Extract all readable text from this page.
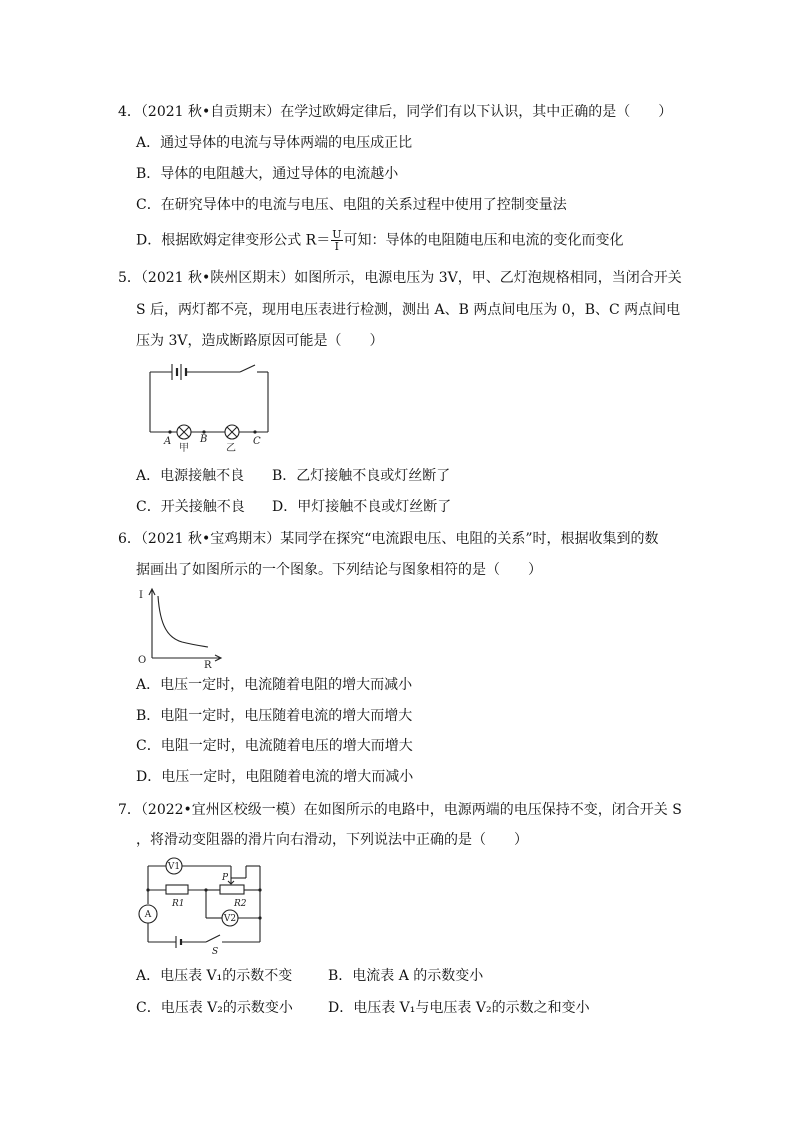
4．（2021 秋•自贡期末）在学过欧姆定律后，同学们有以下认识，其中正确的是（　　）
A．通过导体的电流与导体两端的电压成正比
B．导体的电阻越大，通过导体的电流越小
C．在研究导体中的电流与电压、电阻的关系过程中使用了控制变量法
D．根据欧姆定律变形公式 $R= \frac{U}{I}$ 可知：导体的电阻随电压和电流的变化而变化
5．（2021 秋•陕州区期末）如图所示，电源电压为 3V，甲、乙灯泡规格相同，当闭合开关
S 后，两灯都不亮，现用电压表进行检测，测出 A、B 两点间电压为 0，B、C 两点间电
压为 3V，造成断路原因可能是（　　）
A	B	C
甲	乙
A．电源接触不良 B．乙灯接触不良或灯丝断了
C．开关接触不良 D．甲灯接触不良或灯丝断了
6．（2021 秋•宝鸡期末）某同学在探究“电流跟电压、电阻的关系”时，根据收集到的数
据画出了如图所示的一个图象。下列结论与图象相符的是（　　）
I
O	R
A．电压一定时，电流随着电阻的增大而减小
B．电阻一定时，电压随着电流的增大而增大
C．电阻一定时，电流随着电压的增大而增大
D．电压一定时，电阻随着电流的增大而减小
7．（2022•宜州区校级一模）在如图所示的电路中，电源两端的电压保持不变，闭合开关 S
，将滑动变阻器的滑片向右滑动，下列说法中正确的是（　　）
V1
A	V2
P
R1	R2
S
A．电压表 V₁的示数不变	B．电流表 A 的示数变小
C．电压表 V₂的示数变小	D．电压表 V₁与电压表 V₂的示数之和变小
